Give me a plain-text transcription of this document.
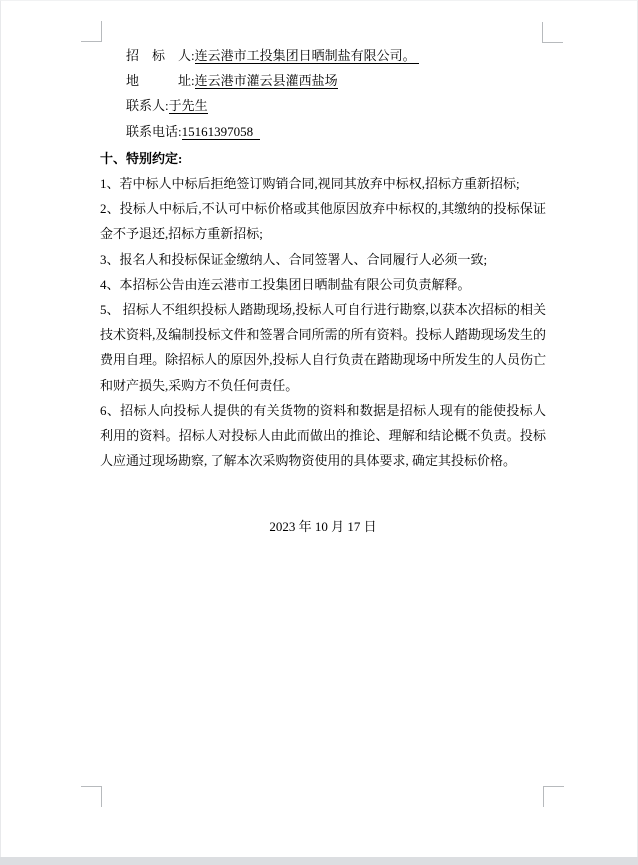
招　标　人:连云港市工投集团日晒制盐有限公司。
地　　　址:连云港市灌云县灌西盐场
联系人:于先生
联系电话:15161397058
十、特别约定:

1、若中标人中标后拒绝签订购销合同,视同其放弃中标权,招标方重新招标;

2、投标人中标后,不认可中标价格或其他原因放弃中标权的,其缴纳的投标保证金不予退还,招标方重新招标;

3、报名人和投标保证金缴纳人、合同签署人、合同履行人必须一致;

4、本招标公告由连云港市工投集团日晒制盐有限公司负责解释。

5、 招标人不组织投标人踏勘现场,投标人可自行进行勘察,以获本次招标的相关技术资料,及编制投标文件和签署合同所需的所有资料。投标人踏勘现场发生的费用自理。除招标人的原因外,投标人自行负责在踏勘现场中所发生的人员伤亡和财产损失,采购方不负任何责任。

6、招标人向投标人提供的有关货物的资料和数据是招标人现有的能使投标人利用的资料。招标人对投标人由此而做出的推论、理解和结论概不负责。投标人应通过现场勘察, 了解本次采购物资使用的具体要求, 确定其投标价格。

2023 年 10 月 17 日
